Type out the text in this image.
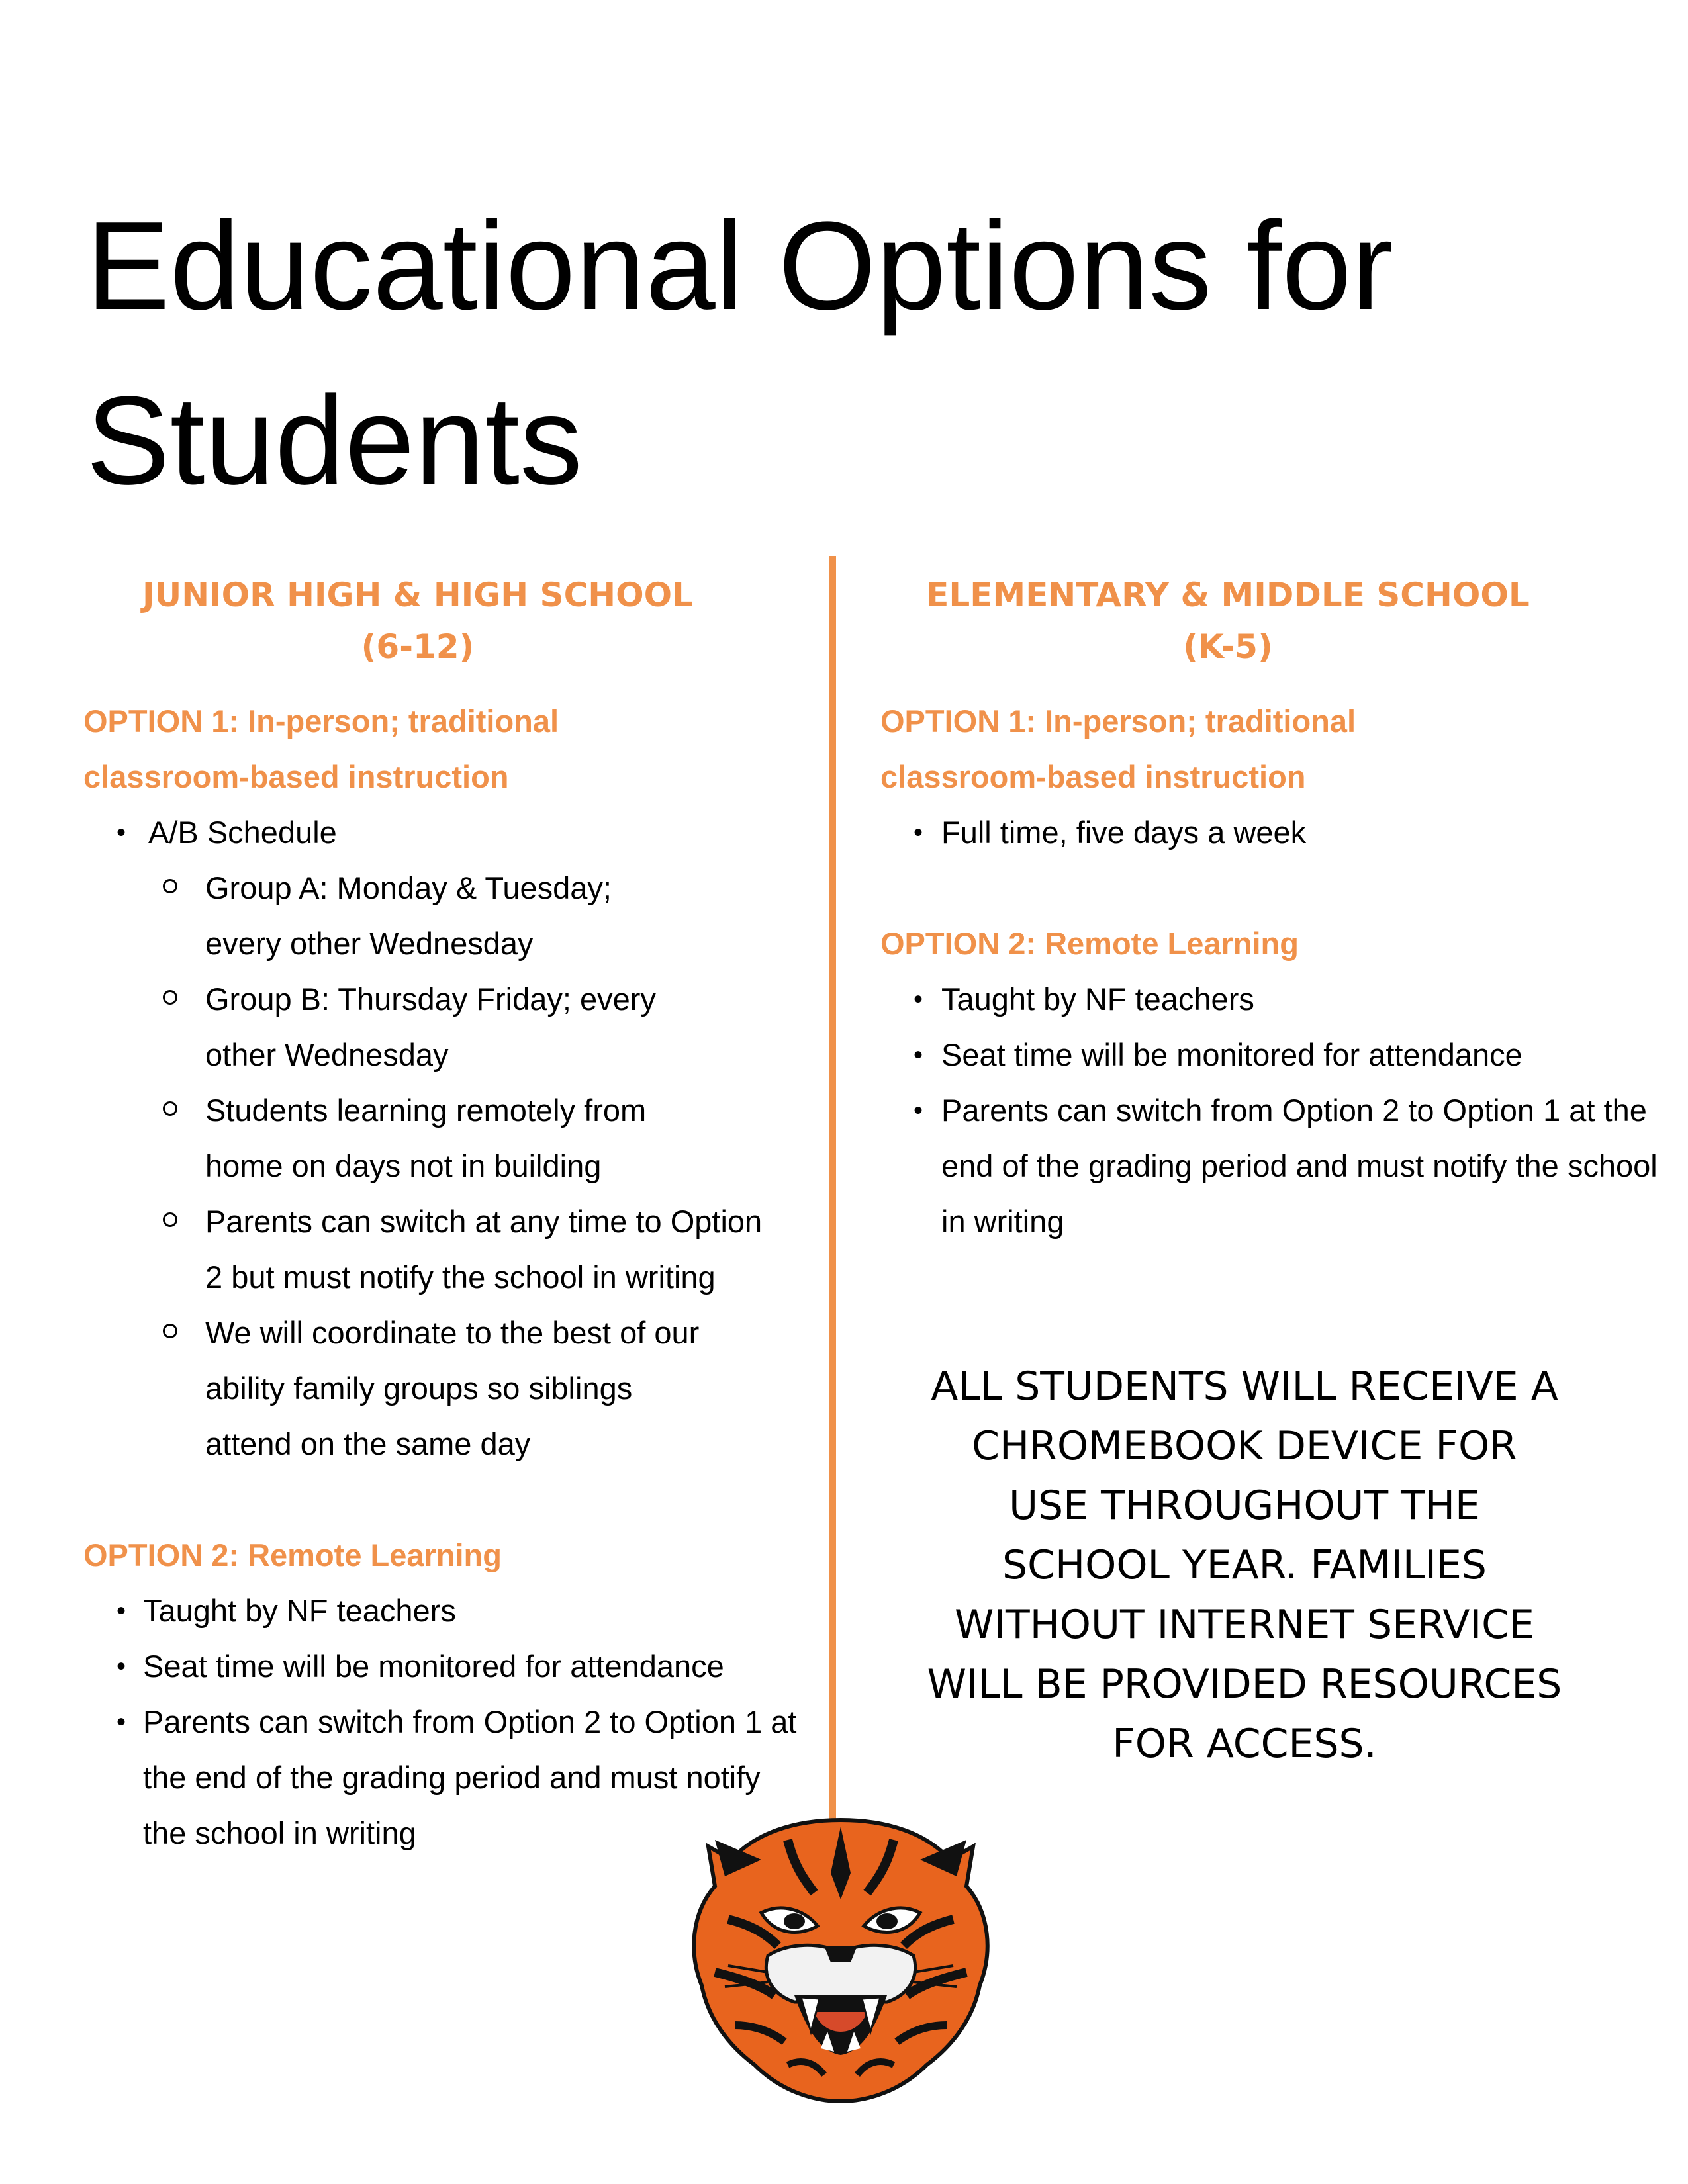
Educational Options for Students
JUNIOR HIGH & HIGH SCHOOL
(6-12)

OPTION 1: In-person; traditional classroom-based instruction

• A/B Schedule
Group A: Monday & Tuesday; every other Wednesday
Group B: Thursday Friday; every other Wednesday
Students learning remotely from home on days not in building
Parents can switch at any time to Option 2 but must notify the school in writing
We will coordinate to the best of our ability family groups so siblings attend on the same day

OPTION 2: Remote Learning

• Taught by NF teachers
• Seat time will be monitored for attendance
• Parents can switch from Option 2 to Option 1 at the end of the grading period and must notify the school in writing
ELEMENTARY & MIDDLE SCHOOL
(K-5)

OPTION 1: In-person; traditional classroom-based instruction

• Full time, five days a week

OPTION 2: Remote Learning

• Taught by NF teachers
• Seat time will be monitored for attendance
• Parents can switch from Option 2 to Option 1 at the end of the grading period and must notify the school in writing
ALL STUDENTS WILL RECEIVE A CHROMEBOOK DEVICE FOR USE THROUGHOUT THE SCHOOL YEAR. FAMILIES WITHOUT INTERNET SERVICE WILL BE PROVIDED RESOURCES FOR ACCESS.
